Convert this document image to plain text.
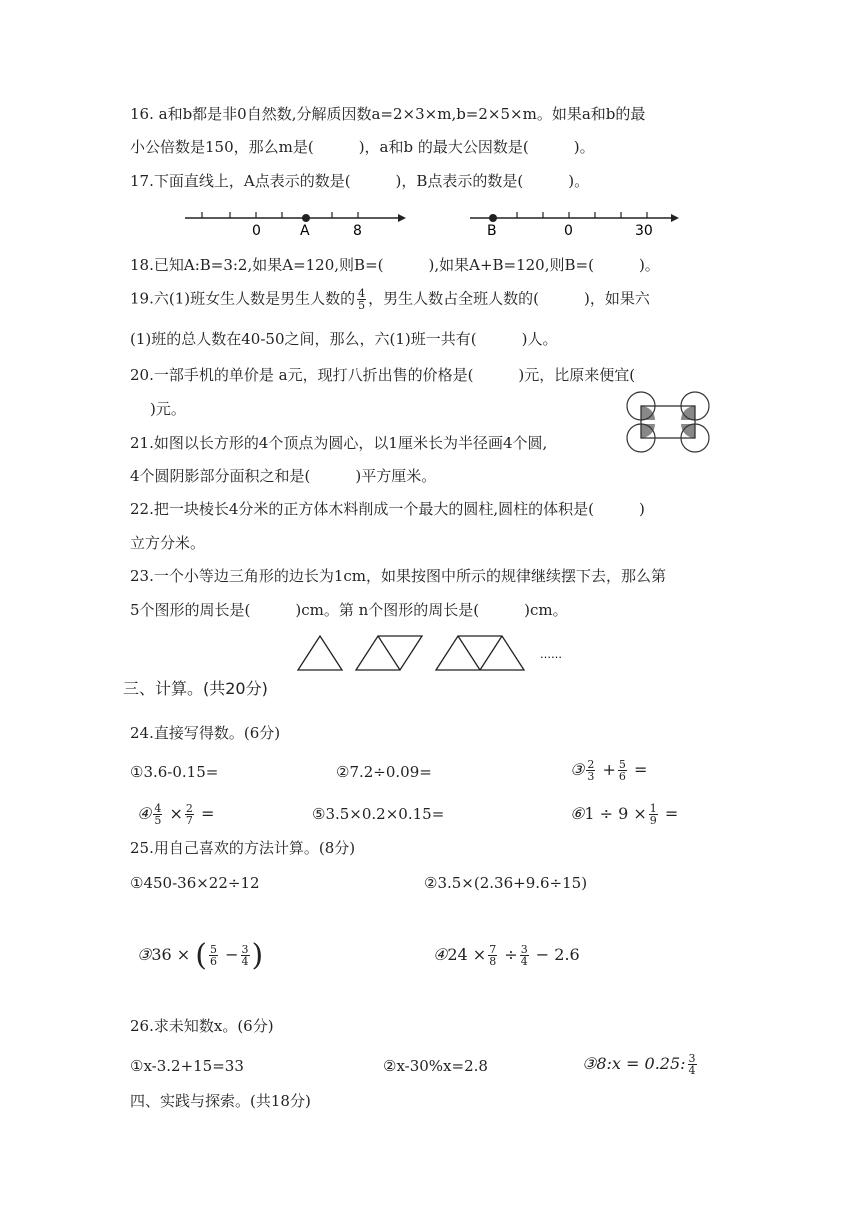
16. a和b都是非0自然数,分解质因数a=2×3×m,b=2×5×m。如果a和b的最
小公倍数是150，那么m是(　　　)，a和b 的最大公因数是(　　　)。
17.下面直线上，A点表示的数是(　　　)，B点表示的数是(　　　)。
0	A	8	B	0	30
18.已知A:B=3:2,如果A=120,则B=(　　　),如果A+B=120,则B=(　　　)。
19.六(1)班女生人数是男生人数的 $\frac{4}{5}$ ，男生人数占全班人数的(　　　)，如果六
(1)班的总人数在40-50之间，那么，六(1)班一共有(　　　)人。
20.一部手机的单价是 a元，现打八折出售的价格是(　　　)元，比原来便宜(
)元。
21.如图以长方形的4个顶点为圆心，以1厘米长为半径画4个圆,
4个圆阴影部分面积之和是(　　　)平方厘米。
22.把一块棱长4分米的正方体木料削成一个最大的圆柱,圆柱的体积是(　　　)
立方分米。
23.一个小等边三角形的边长为1cm，如果按图中所示的规律继续摆下去，那么第
5个图形的周长是(　　　)cm。第 n个图形的周长是(　　　)cm。
……
三、计算。(共20分)
24.直接写得数。(6分)
①3.6-0.15=	②7.2÷0.09=	③ $\frac{2}{3} + \frac{5}{6}$ =
④ $\frac{4}{5} \times \frac{2}{7}$ =	⑤3.5×0.2×0.15=	⑥1 ÷ $9 \times \frac{1}{9}$ =
25.用自己喜欢的方法计算。(8分)
①450-36×22÷12	②3.5×(2.36+9.6÷15)
③36 × ( $\frac{5}{6} - \frac{3}{4}$ )	④24 × $\frac{7}{8} \div \frac{3}{4} - 2.6$
26.求未知数x。(6分)
①x-3.2+15=33	②x-30%x=2.8	③8:x = 0.25: $\frac{3}{4}$
四、实践与探索。(共18分)
